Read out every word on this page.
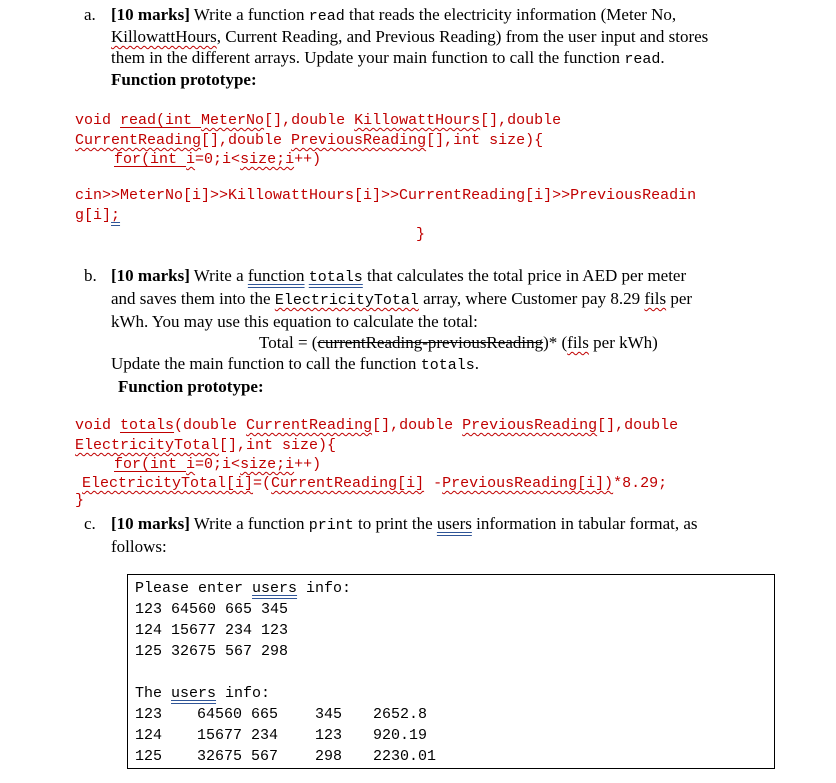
a. [10 marks] Write a function read that reads the electricity information (Meter No,
KillowattHours, Current Reading, and Previous Reading) from the user input and stores
them in the different arrays. Update your main function to call the function read.
Function prototype:
void read(int MeterNo[],double KillowattHours[],double
CurrentReading[],double PreviousReading[],int size){
for(int i=0;i<size;i++)
cin>>MeterNo[i]>>KillowattHours[i]>>CurrentReading[i]>>PreviousReadin
g[i];
}
b. [10 marks] Write a function totals that calculates the total price in AED per meter
and saves them into the ElectricityTotal array, where Customer pay 8.29 fils per
kWh. You may use this equation to calculate the total:
Total = (currentReading-previousReading)* (fils per kWh)
Update the main function to call the function totals.
Function prototype:
void totals(double CurrentReading[],double PreviousReading[],double
ElectricityTotal[],int size){
for(int i=0;i<size;i++)
ElectricityTotal[i]=(CurrentReading[i] -PreviousReading[i])*8.29;
}
c. [10 marks] Write a function print to print the users information in tabular format, as
follows:
Please enter users info:
123 64560 665 345
124 15677 234 123
125 32675 567 298
The users info:
123 64560 665 345 2652.8
124 15677 234 123 920.19
125 32675 567 298 2230.01
